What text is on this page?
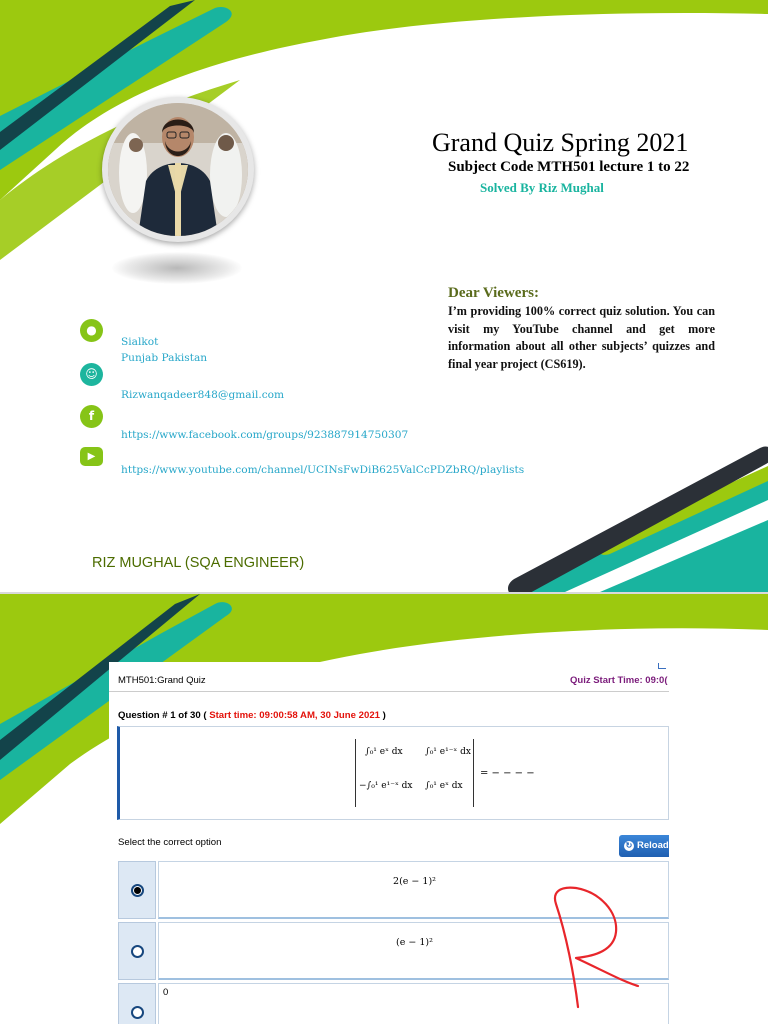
Grand Quiz Spring 2021
Subject Code MTH501 lecture 1 to 22
Solved By Riz Mughal
Dear Viewers:
I’m providing 100% correct quiz solution. You can visit my YouTube channel and get more information about all other subjects’ quizzes and final year project (CS619).
●
☺
f
▶
Sialkot
Punjab Pakistan
Rizwanqadeer848@gmail.com
https://www.facebook.com/groups/923887914750307
https://www.youtube.com/channel/UCINsFwDiB625ValCcPDZbRQ/playlists
RIZ MUGHAL (SQA ENGINEER)
MTH501:Grand Quiz	Quiz Start Time: 09:0(
Question # 1 of 30 ( Start time: 09:00:58 AM, 30 June 2021 )
∫₀¹ eˣ dx ∫₀¹ e¹⁻ˣ dx
−∫₀¹ e¹⁻ˣ dx ∫₀¹ eˣ dx
= − − − −
Select the correct option	↻ Reload
2(e − 1)²
(e − 1)²
0
